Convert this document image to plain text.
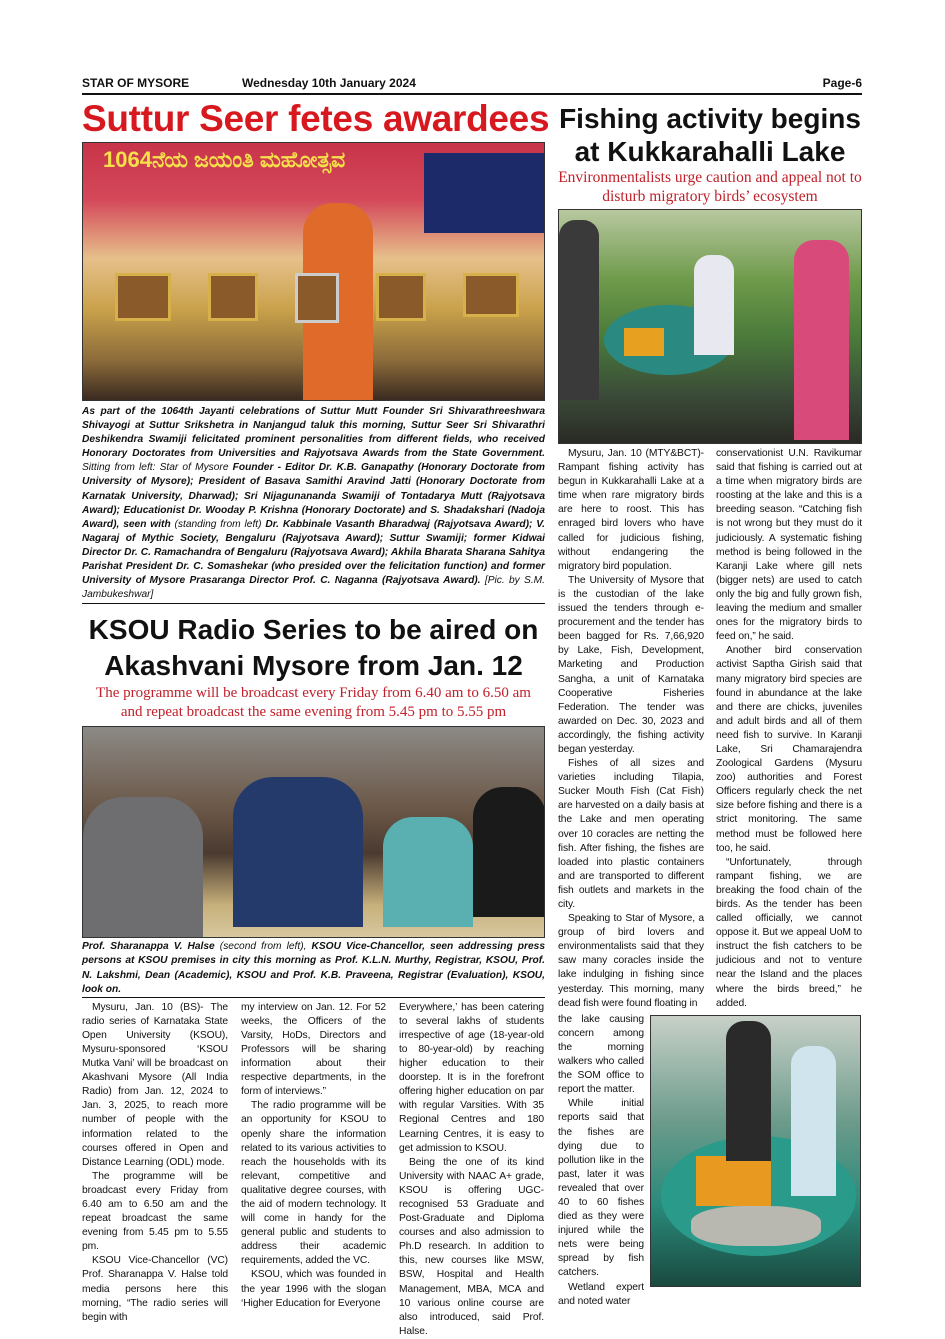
STAR OF MYSORE	Wednesday 10th January 2024	Page-6
Suttur Seer fetes awardees
1064ನೆಯ ಜಯಂತಿ ಮಹೋತ್ಸವ
As part of the 1064th Jayanti celebrations of Suttur Mutt Founder Sri Shivarathreeshwara Shivayogi at Suttur Srikshetra in Nanjangud taluk this morning, Suttur Seer Sri Shivarathri Deshikendra Swamiji felicitated prominent personalities from different fields, who received Honorary Doctorates from Universities and Rajyotsava Awards from the State Government. Sitting from left: Star of Mysore Founder - Editor Dr. K.B. Ganapathy (Honorary Doctorate from University of Mysore); President of Basava Samithi Aravind Jatti (Honorary Doctorate from Karnatak University, Dharwad); Sri Nijagunananda Swamiji of Tontadarya Mutt (Rajyotsava Award); Educationist Dr. Wooday P. Krishna (Honorary Doctorate) and S. Shadakshari (Nadoja Award), seen with (standing from left) Dr. Kabbinale Vasanth Bharadwaj (Rajyotsava Award); V. Nagaraj of Mythic Society, Bengaluru (Rajyotsava Award); Suttur Swamiji; former Kidwai Director Dr. C. Ramachandra of Bengaluru (Rajyotsava Award); Akhila Bharata Sharana Sahitya Parishat President Dr. C. Somashekar (who presided over the felicitation function) and former University of Mysore Prasaranga Director Prof. C. Naganna (Rajyotsava Award). [Pic. by S.M. Jambukeshwar]
KSOU Radio Series to be aired on
Akashvani Mysore from Jan. 12
The programme will be broadcast every Friday from 6.40 am to 6.50 am and repeat broadcast the same evening from 5.45 pm to 5.55 pm
Prof. Sharanappa V. Halse (second from left), KSOU Vice-Chancellor, seen addressing press persons at KSOU premises in city this morning as Prof. K.L.N. Murthy, Registrar, KSOU, Prof. N. Lakshmi, Dean (Academic), KSOU and Prof. K.B. Praveena, Registrar (Evaluation), KSOU, look on.

Mysuru, Jan. 10 (BS)- The radio series of Karnataka State Open University (KSOU), Mysuru-sponsored ‘KSOU Mutka Vani’ will be broadcast on Akashvani Mysore (All India Radio) from Jan. 12, 2024 to Jan. 3, 2025, to reach more number of people with the information related to the courses offered in Open and Distance Learning (ODL) mode.

The programme will be broadcast every Friday from 6.40 am to 6.50 am and the repeat broadcast the same evening from 5.45 pm to 5.55 pm.

KSOU Vice-Chancellor (VC) Prof. Sharanappa V. Halse told media persons here this morning, “The radio series will begin with

my interview on Jan. 12. For 52 weeks, the Officers of the Varsity, HoDs, Directors and Professors will be sharing information about their respective departments, in the form of interviews.”

The radio programme will be an opportunity for KSOU to openly share the information related to its various activities to reach the households with its relevant, competitive and qualitative degree courses, with the aid of modern technology. It will come in handy for the general public and students to address their academic requirements, added the VC.

KSOU, which was founded in the year 1996 with the slogan ‘Higher Education for Everyone

Everywhere,’ has been catering to several lakhs of students irrespective of age (18-year-old to 80-year-old) by reaching higher education to their doorstep. It is in the forefront offering higher education on par with regular Varsities. With 35 Regional Centres and 180 Learning Centres, it is easy to get admission to KSOU.

Being the one of its kind University with NAAC A+ grade, KSOU is offering UGC-recognised 53 Graduate and Post-Graduate and Diploma courses and also admission to Ph.D research. In addition to this, new courses like MSW, BSW, Hospital and Health Management, MBA, MCA and 10 various online course are also introduced, said Prof. Halse.

Fishing activity begins at Kukkarahalli Lake
Environmentalists urge caution and appeal not to disturb migratory birds’ ecosystem

Mysuru, Jan. 10 (MTY&BCT)- Rampant fishing activity has begun in Kukkarahalli Lake at a time when rare migratory birds are here to roost. This has enraged bird lovers who have called for judicious fishing, without endangering the migratory bird population.

The University of Mysore that is the custodian of the lake issued the tenders through e-procurement and the tender has been bagged for Rs. 7,66,920 by Lake, Fish, Development, Marketing and Production Sangha, a unit of Karnataka Cooperative Fisheries Federation. The tender was awarded on Dec. 30, 2023 and accordingly, the fishing activity began yesterday.

Fishes of all sizes and varieties including Tilapia, Sucker Mouth Fish (Cat Fish) are harvested on a daily basis at the Lake and men operating over 10 coracles are netting the fish. After fishing, the fishes are loaded into plastic containers and are transported to different fish outlets and markets in the city.

Speaking to Star of Mysore, a group of bird lovers and environmentalists said that they saw many coracles inside the lake indulging in fishing since yesterday. This morning, many dead fish were found floating in

conservationist U.N. Ravikumar said that fishing is carried out at a time when migratory birds are roosting at the lake and this is a breeding season. “Catching fish is not wrong but they must do it judiciously. A systematic fishing method is being followed in the Karanji Lake where gill nets (bigger nets) are used to catch only the big and fully grown fish, leaving the medium and smaller ones for the migratory birds to feed on,” he said.

Another bird conservation activist Saptha Girish said that many migratory bird species are found in abundance at the lake and there are chicks, juveniles and adult birds and all of them need fish to survive. In Karanji Lake, Sri Chamarajendra Zoological Gardens (Mysuru zoo) authorities and Forest Officers regularly check the net size before fishing and there is a strict monitoring. The same method must be followed here too, he said.

“Unfortunately, through rampant fishing, we are breaking the food chain of the birds. As the tender has been called officially, we cannot oppose it. But we appeal UoM to instruct the fish catchers to be judicious and not to venture near the Island and the places where the birds breed,” he added.

the lake causing concern among the morning walkers who called the SOM office to report the matter.

While initial reports said that the fishes are dying due to pollution like in the past, later it was revealed that over 40 to 60 fishes died as they were injured while the nets were being spread by fish catchers.

Wetland expert and noted water
